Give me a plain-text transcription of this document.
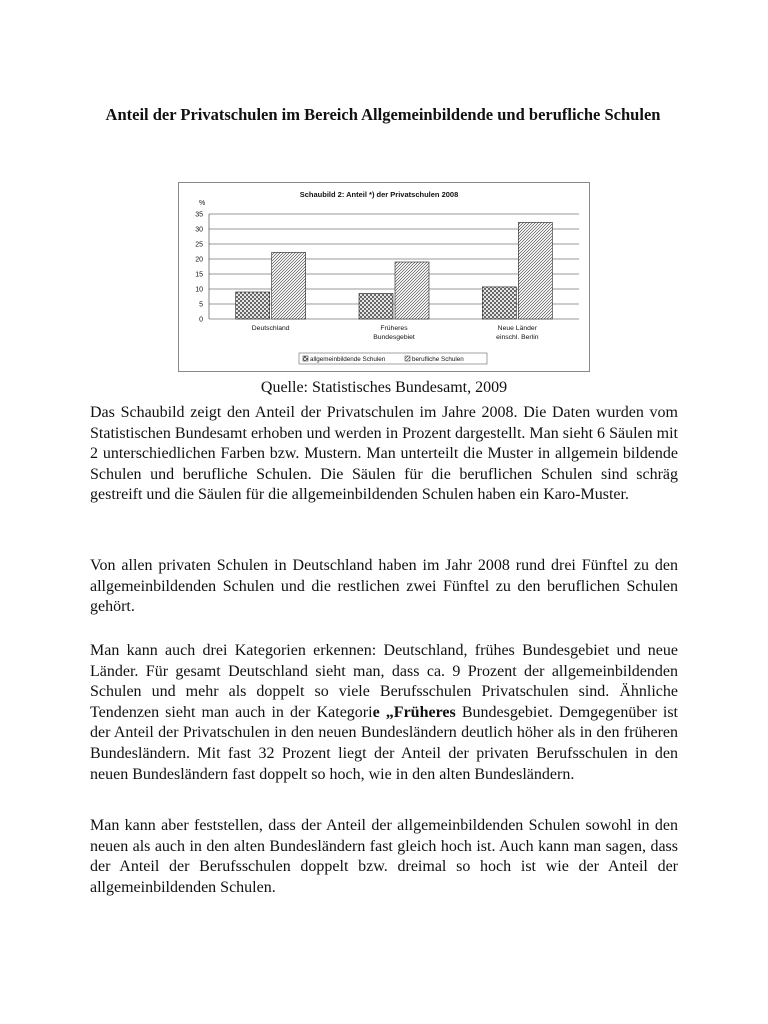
Anteil der Privatschulen im Bereich Allgemeinbildende und berufliche Schulen
Schaubild 2: Anteil *) der Privatschulen 2008
%
0
5
10
15
20
25
30
35
Deutschland	Früheres
Bundesgebiet
Neue Länder
einschl. Berlin
allgemeinbildende Schulen	berufliche Schulen

Quelle: Statistisches Bundesamt, 2009

Das Schaubild zeigt den Anteil der Privatschulen im Jahre 2008. Die Daten wurden vom Statistischen Bundesamt erhoben und werden in Prozent dargestellt. Man sieht 6 Säulen mit 2 unterschiedlichen Farben bzw. Mustern. Man unterteilt die Muster in allgemein bildende Schulen und berufliche Schulen. Die Säulen für die beruflichen Schulen sind schräg gestreift und die Säulen für die allgemeinbildenden Schulen haben ein Karo-Muster.

Von allen privaten Schulen in Deutschland haben im Jahr 2008 rund drei Fünftel zu den allgemeinbildenden Schulen und die restlichen zwei Fünftel zu den beruflichen Schulen gehört.

Man kann auch drei Kategorien erkennen: Deutschland, frühes Bundesgebiet und neue Länder. Für gesamt Deutschland sieht man, dass ca. 9 Prozent der allgemeinbildenden Schulen und mehr als doppelt so viele Berufsschulen Privatschulen sind. Ähnliche Tendenzen sieht man auch in der Kategorie „Früheres Bundesgebiet. Demgegenüber ist der Anteil der Privatschulen in den neuen Bundesländern deutlich höher als in den früheren Bundesländern. Mit fast 32 Prozent liegt der Anteil der privaten Berufsschulen in den neuen Bundesländern fast doppelt so hoch, wie in den alten Bundesländern.

Man kann aber feststellen, dass der Anteil der allgemeinbildenden Schulen sowohl in den neuen als auch in den alten Bundesländern fast gleich hoch ist. Auch kann man sagen, dass der Anteil der Berufsschulen doppelt bzw. dreimal so hoch ist wie der Anteil der allgemeinbildenden Schulen.
